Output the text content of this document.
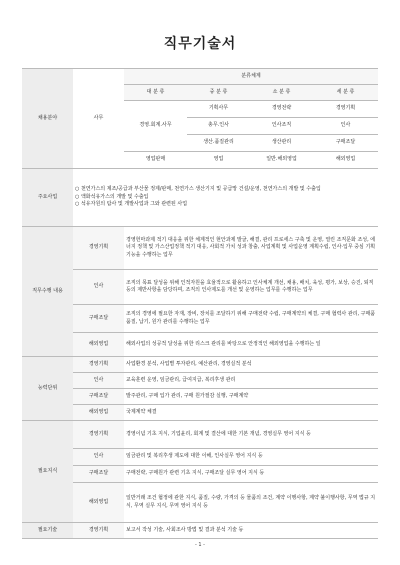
직무기술서
채용분야	사무	분류체계			
		대 분 류	중 분 류	소 분 류	세 분 류
		경영.회계.사무	기획사무	경영전략	경영기획
			총무.인사	인사조직	인사
			생산.품질관리	생산관리	구매조달
		영업판매	영업	일반.해외영업	해외영업
주요사업	○ 천연가스의 제조/공급과 부산물 정제/판매, 천연가스 생산기지 및 공급망 건설/운영, 천연가스의 개발 및 수출입
○ 액화석유가스의 개발 및 수출입
○ 석유자원의 탐사 및 개발사업과 그와 관련된 사업				

직무수행 내용	경영기획	경영헌마과제 적기 대응을 위한 체계적인 현안과제 발굴, 해결, 관리 프로세스 구축 및 운영, 열린 조직문화 조성, 에너지 정책 및 가스산업정책 적기 대응, 사회적 가치 성과 창출, 사업계획 및 사업운영 계획수립, 인사·입무 중심 기획 기능을 수행하는 업무			
	인사	조직의 목표 달성을 위해 인적자원을 효율적으로 활용하고 인사체계 개선, 채용, 배치, 육성, 평가, 보상, 승진, 퇴직 등의 제반사항을 담당하며, 조직의 인사제도를 개선 및 운영하는 업무를 수행하는 업무			
	구매조달	조직의 경영에 필요한 자재, 장비, 장치를 조달하기 위해 구매전략 수립, 구매계약의 체결, 구매 협력사 관리, 구매품 품질, 납기, 원가 관리를 수행하는 업무			
	해외영업	해외사업의 성공적 달성을 위한 리스크 관리를 바탕으로 안정적인 해외영업을 수행하는 일			
능력단위	경영기획	사업환경 분석, 사업별 투자관리, 예산관리, 경영실적 분석			
	인사	교육훈련 운영, 임금관리, 급여지급, 복리후생 관리			
	구매조달	발주관리, 구매 입가 관리, 구매 원가절감 실행, 구매계약			
	해외영업	국제계약 체결			
필요지식	경영기획	경영이념 기초 지식, 기업윤리, 회계 및 결산에 대한 기본 개념, 경영실무 영어 지식 등			
	인사	임금관리 및 복리후생 제도에 대한 이해, 인사실무 영어 지식 등			
	구매조달	구매전략, 구매원가 관련 기초 지식, 구매조달 실무 영어 지식 등			
	해외영업	일반거래 조건 협정에 관한 지식, 품질, 수량, 가격의 등 물품의 조건, 계약 이행사항, 계약 불이행사항, 무역 법규 지식, 무역 실무 지식, 무역 영어 지식 등			
필요기술	경영기획	보고서 작성 기술, 사회조사 방법 및 결과 분석 기술 등			
- 1 -
